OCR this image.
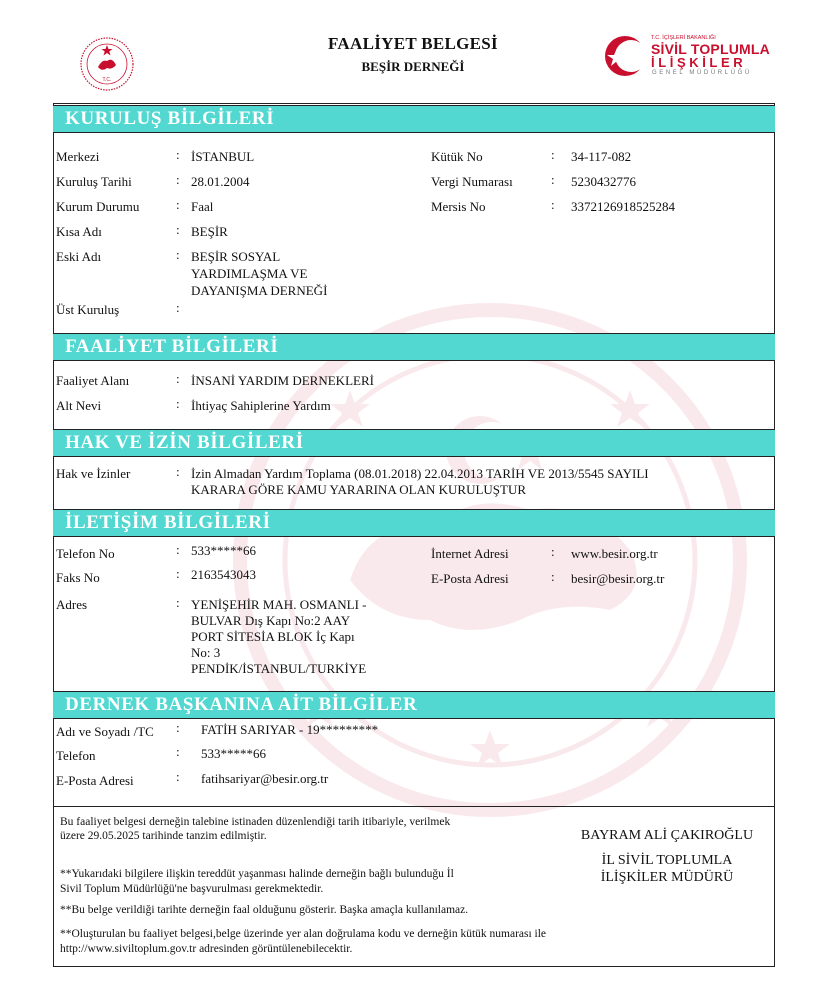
FAALİYET BELGESİ
BEŞİR DERNEĞİ
T.C.
T.C. İÇİŞLERİ BAKANLIĞI
SİVİL TOPLUMLA
İLİŞKİLER
GENEL MÜDÜRLÜĞÜ
KURULUŞ BİLGİLERİ
Merkezi	: İSTANBUL
Kuruluş Tarihi	: 28.01.2004
Kurum Durumu	: Faal
Kısa Adı	: BEŞİR
Eski Adı	: BEŞİR SOSYAL
YARDIMLAŞMA VE
DAYANIŞMA DERNEĞİ
Üst Kuruluş	:
Kütük No	: 34-117-082
Vergi Numarası	: 5230432776
Mersis No	: 3372126918525284
FAALİYET BİLGİLERİ
Faaliyet Alanı	: İNSANİ YARDIM DERNEKLERİ
Alt Nevi	: İhtiyaç Sahiplerine Yardım
HAK VE İZİN BİLGİLERİ
Hak ve İzinler	: İzin Almadan Yardım Toplama (08.01.2018) 22.04.2013 TARİH VE 2013/5545 SAYILI
KARARA GÖRE KAMU YARARINA OLAN KURULUŞTUR
İLETİŞİM BİLGİLERİ
Telefon No	: 533*****66
Faks No	: 2163543043
Adres	: YENİŞEHİR MAH. OSMANLI -
BULVAR Dış Kapı No:2 AAY
PORT SİTESİA BLOK İç Kapı
No: 3
PENDİK/İSTANBUL/TURKİYE
İnternet Adresi	: www.besir.org.tr
E-Posta Adresi	: besir@besir.org.tr
DERNEK BAŞKANINA AİT BİLGİLER
Adı ve Soyadı /TC : FATİH SARIYAR - 19*********
Telefon	: 533*****66
E-Posta Adresi	: fatihsariyar@besir.org.tr
Bu faaliyet belgesi derneğin talebine istinaden düzenlendiği tarih itibariyle, verilmek
üzere 29.05.2025 tarihinde tanzim edilmiştir.
**Yukarıdaki bilgilere ilişkin tereddüt yaşanması halinde derneğin bağlı bulunduğu İl
Sivil Toplum Müdürlüğü'ne başvurulması gerekmektedir.
**Bu belge verildiği tarihte derneğin faal olduğunu gösterir. Başka amaçla kullanılamaz.
**Oluşturulan bu faaliyet belgesi,belge üzerinde yer alan doğrulama kodu ve derneğin kütük numarası ile
http://www.siviltoplum.gov.tr adresinden görüntülenebilecektir.
BAYRAM ALİ ÇAKIROĞLU
İL SİVİL TOPLUMLA
İLİŞKİLER MÜDÜRÜ
